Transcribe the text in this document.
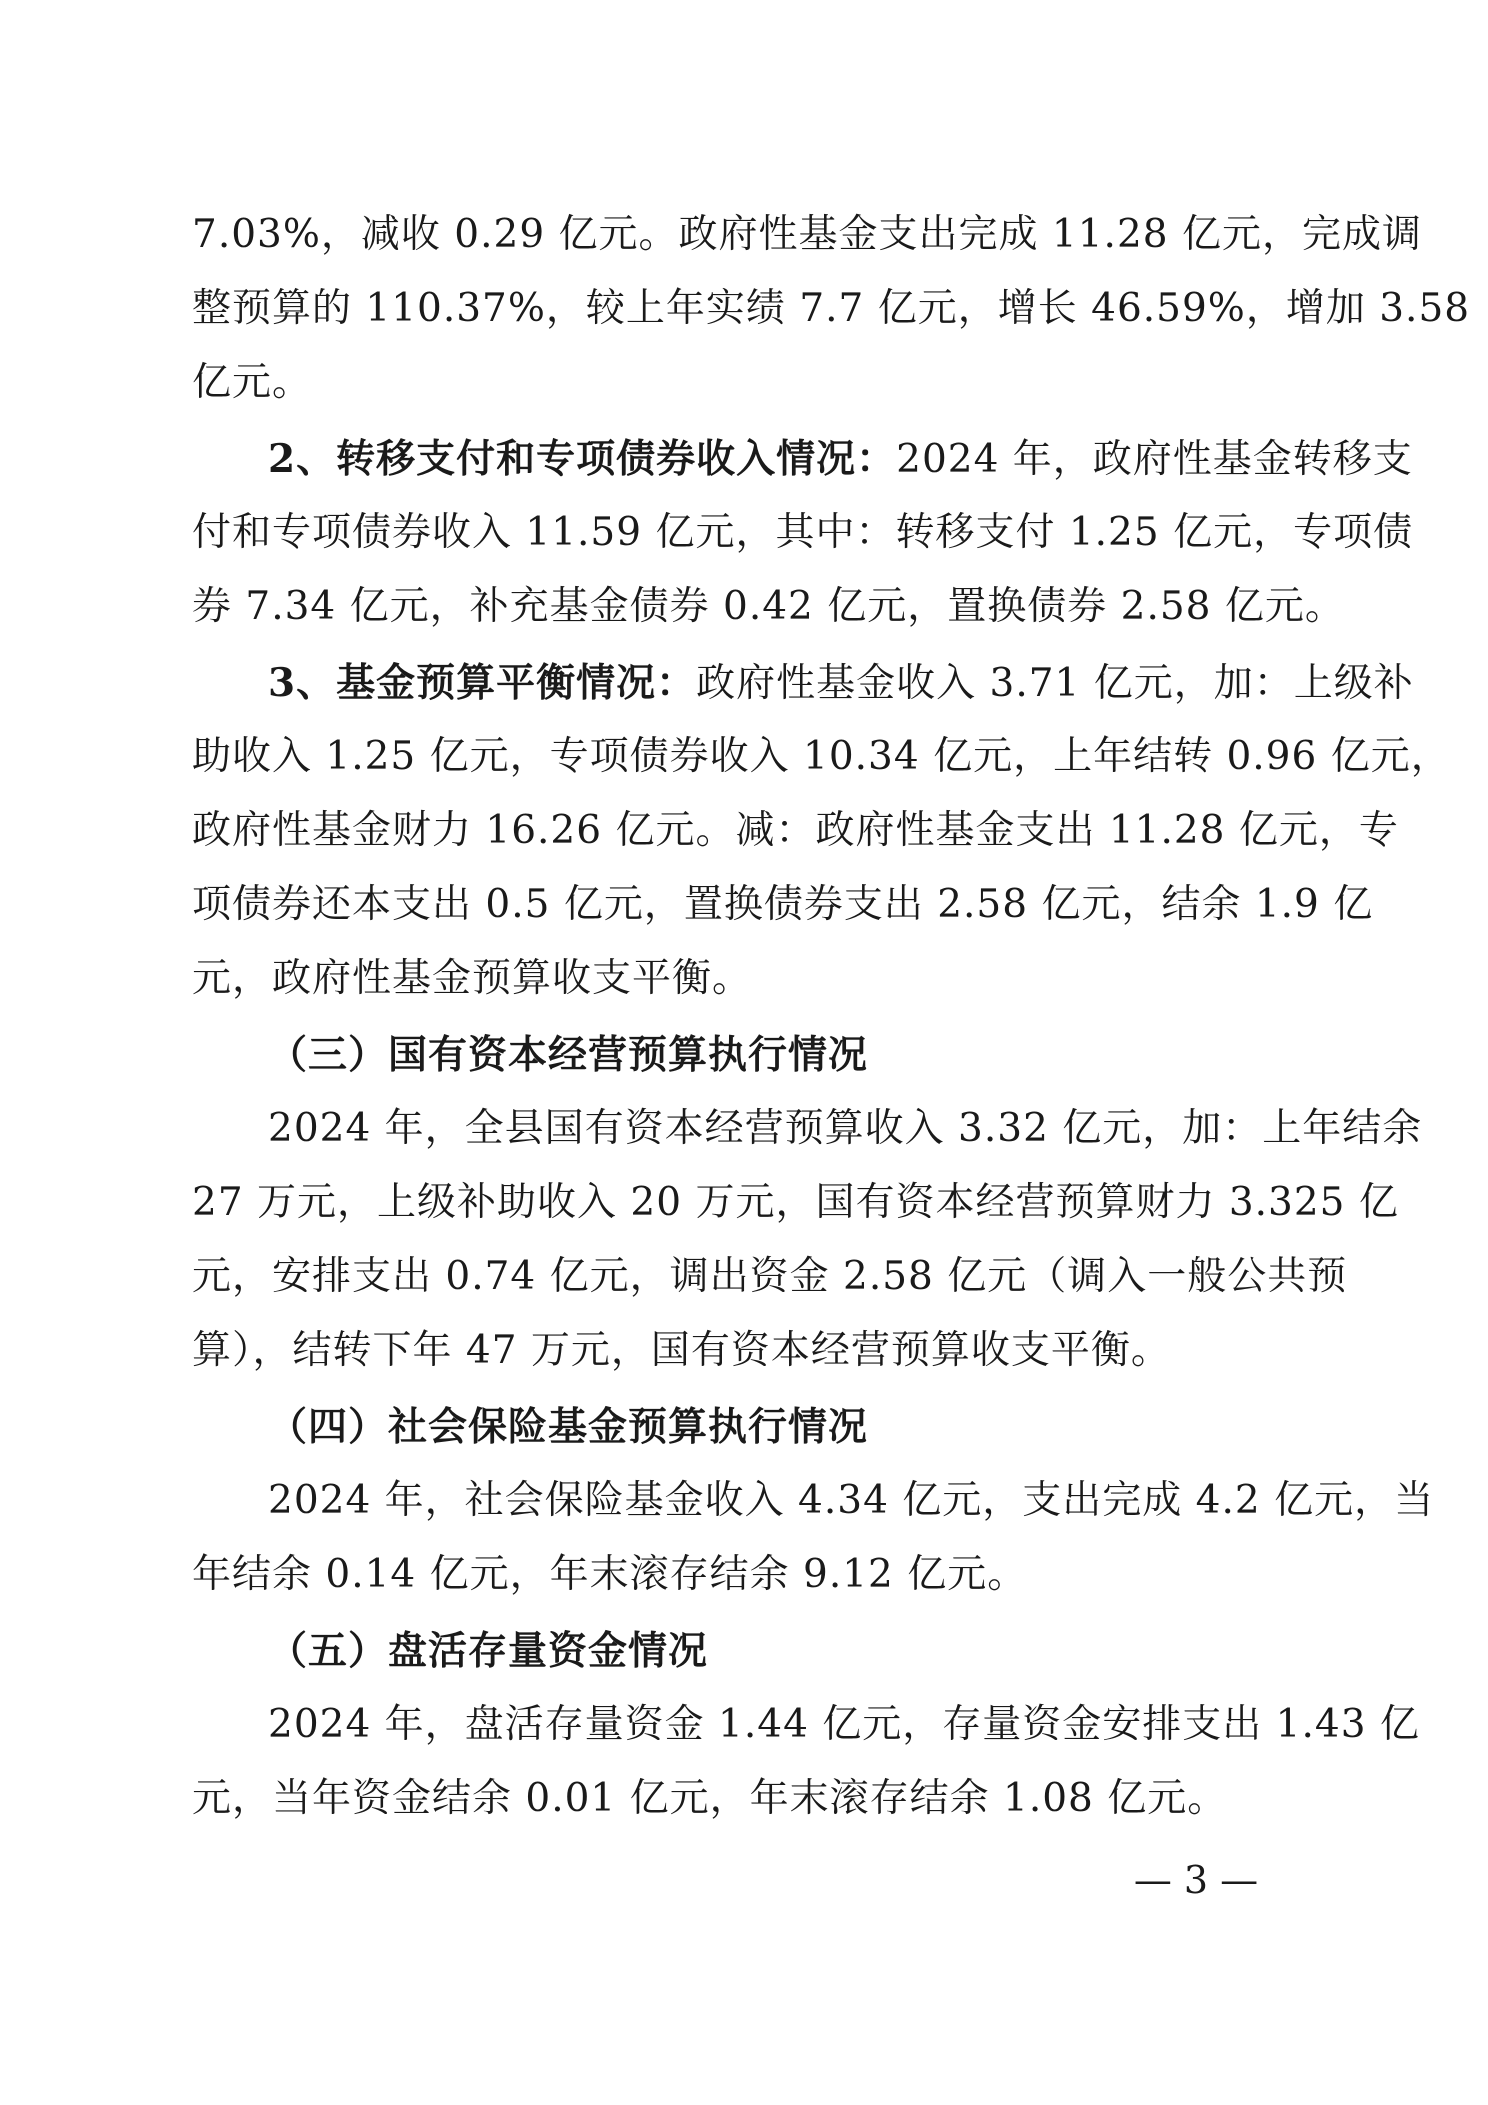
7.03%，减收 0.29 亿元。政府性基金支出完成 11.28 亿元，完成调
整预算的 110.37%，较上年实绩 7.7 亿元，增长 46.59%，增加 3.58
亿元。
2、转移支付和专项债券收入情况：2024 年，政府性基金转移支
付和专项债券收入 11.59 亿元，其中：转移支付 1.25 亿元，专项债
券 7.34 亿元，补充基金债券 0.42 亿元，置换债券 2.58 亿元。
3、基金预算平衡情况：政府性基金收入 3.71 亿元，加：上级补
助收入 1.25 亿元，专项债券收入 10.34 亿元，上年结转 0.96 亿元，
政府性基金财力 16.26 亿元。减：政府性基金支出 11.28 亿元，专
项债券还本支出 0.5 亿元，置换债券支出 2.58 亿元，结余 1.9 亿
元，政府性基金预算收支平衡。
（三）国有资本经营预算执行情况
2024 年，全县国有资本经营预算收入 3.32 亿元，加：上年结余
27 万元，上级补助收入 20 万元，国有资本经营预算财力 3.325 亿
元，安排支出 0.74 亿元，调出资金 2.58 亿元（调入一般公共预
算），结转下年 47 万元，国有资本经营预算收支平衡。
（四）社会保险基金预算执行情况
2024 年，社会保险基金收入 4.34 亿元，支出完成 4.2 亿元，当
年结余 0.14 亿元，年末滚存结余 9.12 亿元。
（五）盘活存量资金情况
2024 年，盘活存量资金 1.44 亿元，存量资金安排支出 1.43 亿
元，当年资金结余 0.01 亿元，年末滚存结余 1.08 亿元。
— 3 —
